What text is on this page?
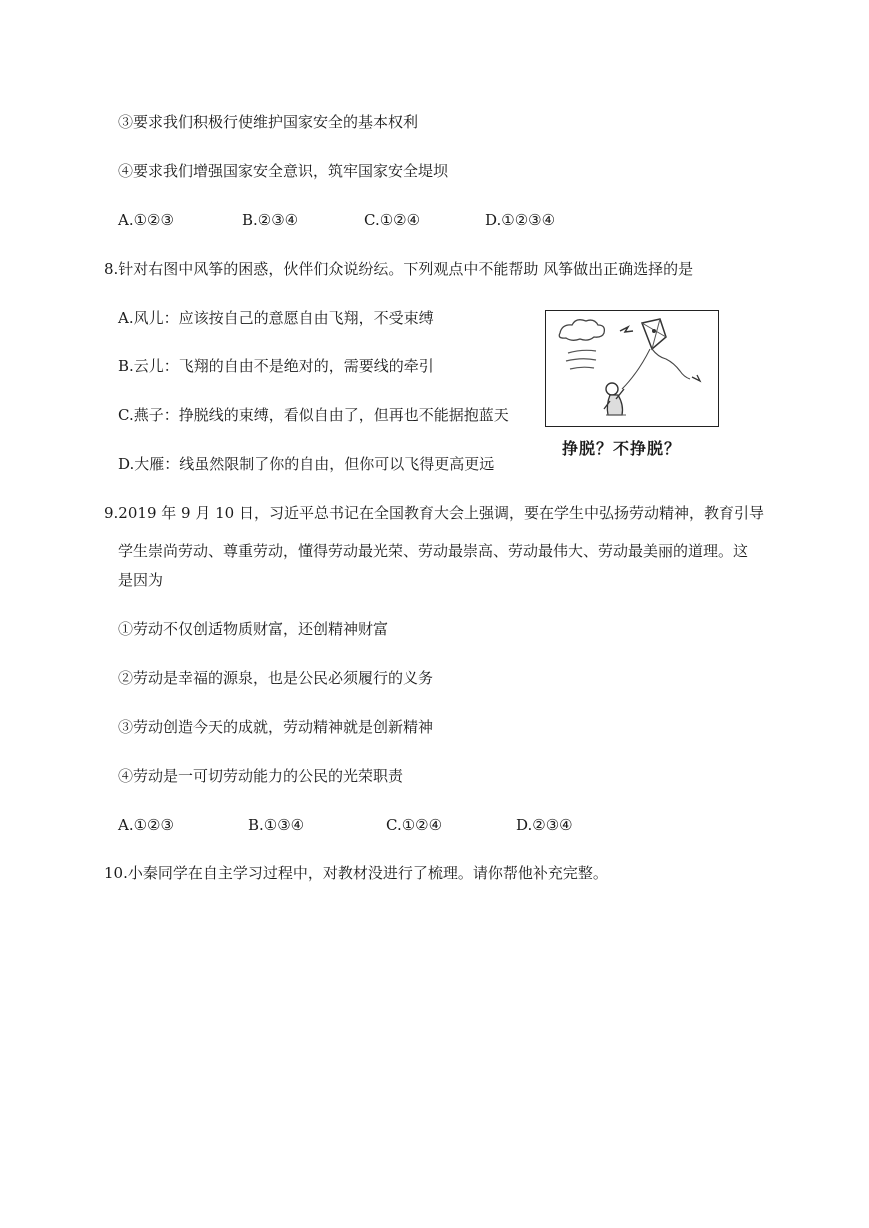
③要求我们积极行使维护国家安全的基本权利
④要求我们增强国家安全意识，筑牢国家安全堤坝
A.①②③	B.②③④	C.①②④	D.①②③④
8.针对右图中风筝的困惑，伙伴们众说纷纭。下列观点中不能帮助 风筝做出正确选择的是
A.风儿：应该按自己的意愿自由飞翔，不受束缚
B.云儿：飞翔的自由不是绝对的，需要线的牵引
C.燕子：挣脱线的束缚，看似自由了，但再也不能据抱蓝天
D.大雁：线虽然限制了你的自由，但你可以飞得更高更远
挣脱？不挣脱？
9.2019 年 9 月 10 日，习近平总书记在全国教育大会上强调，要在学生中弘扬劳动精神，教育引导
学生崇尚劳动、尊重劳动，懂得劳动最光荣、劳动最崇高、劳动最伟大、劳动最美丽的道理。这
是因为
①劳动不仅创适物质财富，还创精神财富
②劳动是幸福的源泉，也是公民必须履行的义务
③劳动创造今天的成就，劳动精神就是创新精神
④劳动是一可切劳动能力的公民的光荣职责
A.①②③	B.①③④	C.①②④	D.②③④
10.小秦同学在自主学习过程中，对教材没进行了梳理。请你帮他补充完整。
